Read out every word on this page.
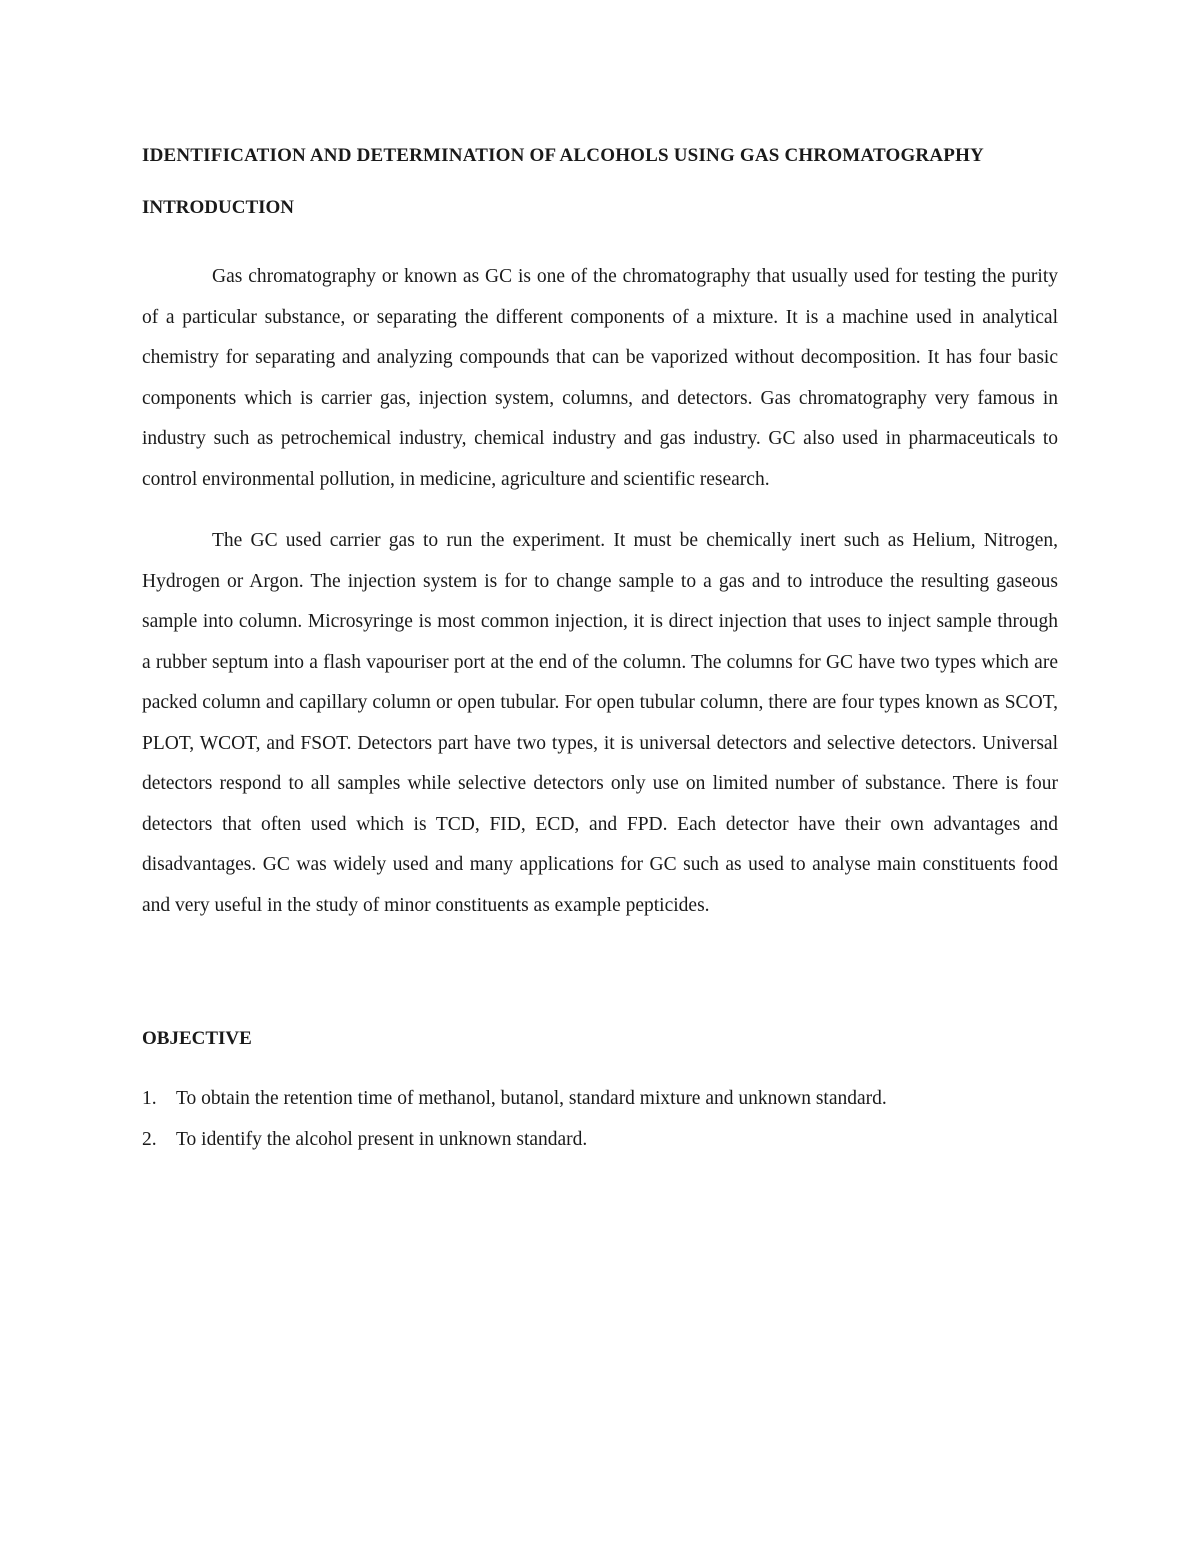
IDENTIFICATION AND DETERMINATION OF ALCOHOLS USING GAS CHROMATOGRAPHY
INTRODUCTION

Gas chromatography or known as GC is one of the chromatography that usually used for testing the purity of a particular substance, or separating the different components of a mixture. It is a machine used in analytical chemistry for separating and analyzing compounds that can be vaporized without decomposition. It has four basic components which is carrier gas, injection system, columns, and detectors. Gas chromatography very famous in industry such as petrochemical industry, chemical industry and gas industry. GC also used in pharmaceuticals to control environmental pollution, in medicine, agriculture and scientific research.

The GC used carrier gas to run the experiment. It must be chemically inert such as Helium, Nitrogen, Hydrogen or Argon. The injection system is for to change sample to a gas and to introduce the resulting gaseous sample into column. Microsyringe is most common injection, it is direct injection that uses to inject sample through a rubber septum into a flash vapouriser port at the end of the column. The columns for GC have two types which are packed column and capillary column or open tubular. For open tubular column, there are four types known as SCOT, PLOT, WCOT, and FSOT. Detectors part have two types, it is universal detectors and selective detectors. Universal detectors respond to all samples while selective detectors only use on limited number of substance. There is four detectors that often used which is TCD, FID, ECD, and FPD. Each detector have their own advantages and disadvantages. GC was widely used and many applications for GC such as used to analyse main constituents food and very useful in the study of minor constituents as example pepticides.

OBJECTIVE
1. To obtain the retention time of methanol, butanol, standard mixture and unknown standard.
2. To identify the alcohol present in unknown standard.
